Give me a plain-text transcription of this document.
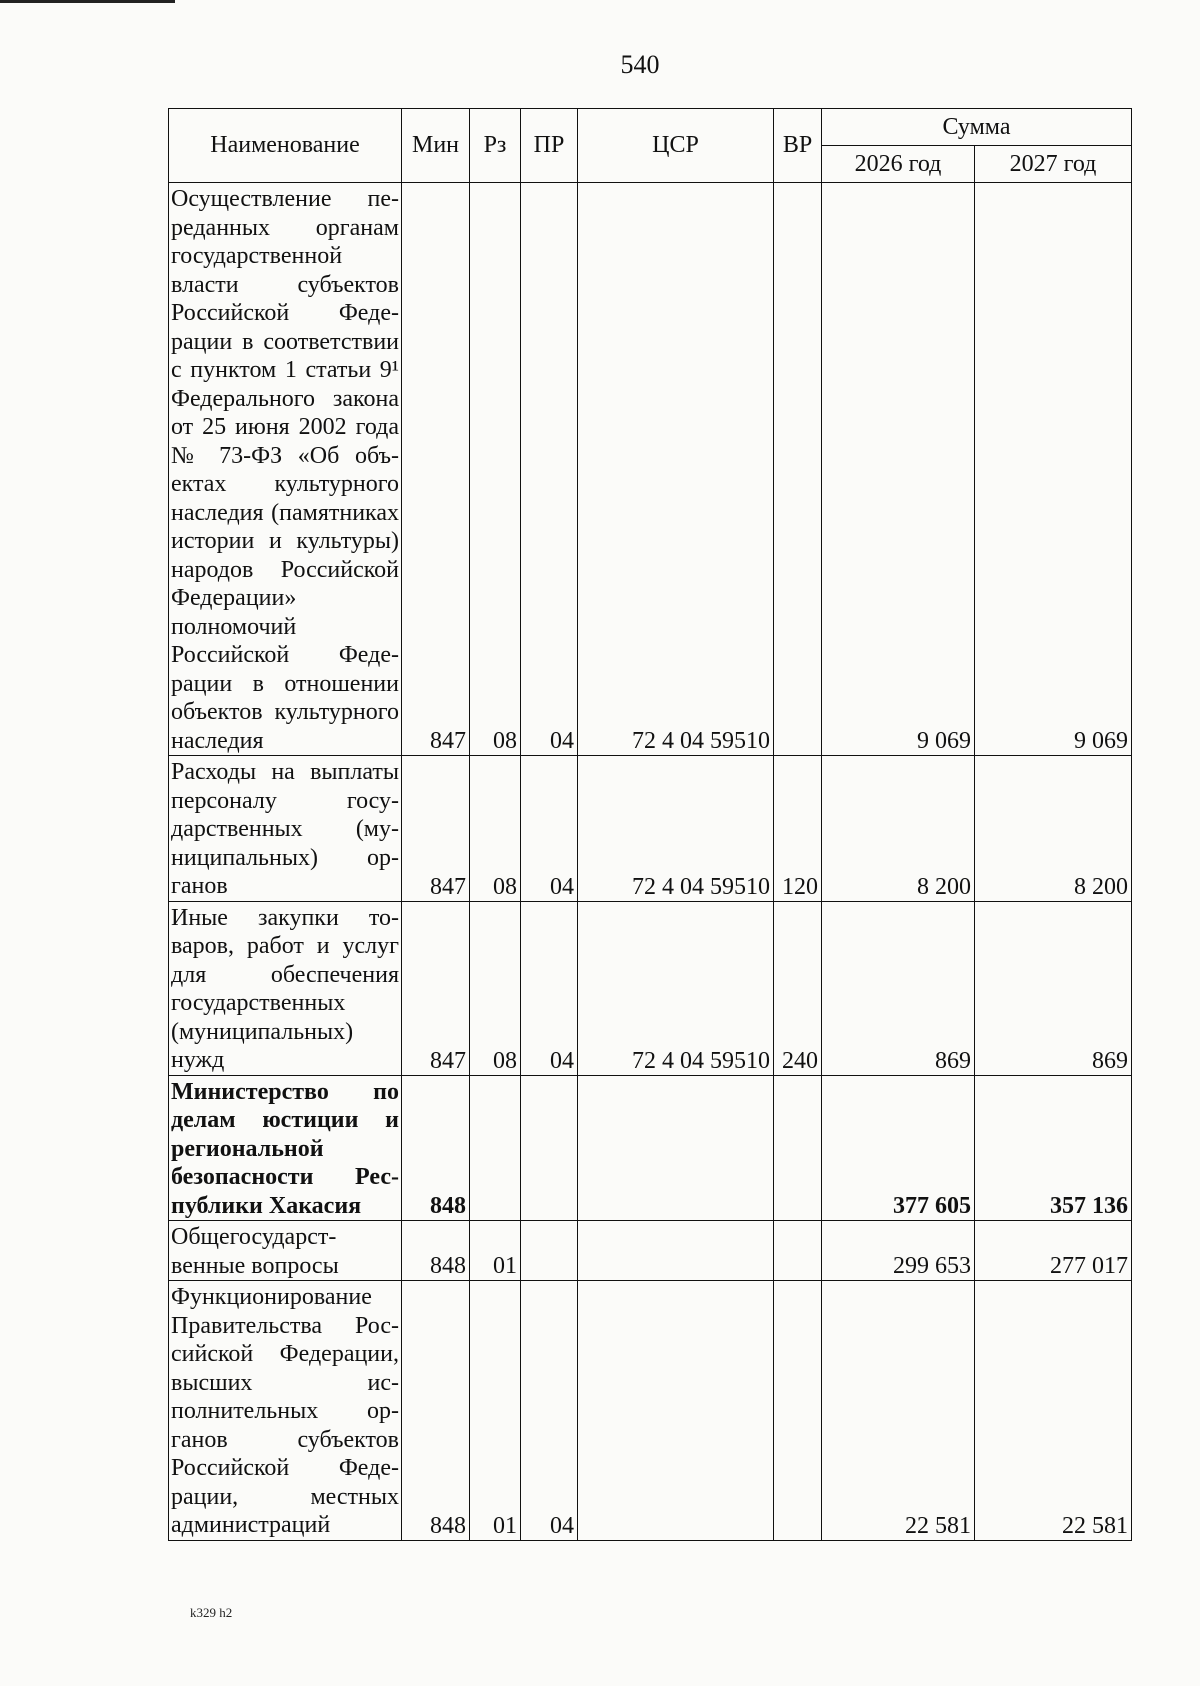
540
Наименование	Мин	Рз	ПР	ЦСР	ВР	Сумма	
						2026 год	2027 год
Осуществление переданных органам государственной власти субъектов Российской Федерации в соответствии с пунктом 1 статьи 9¹ Федерального закона от 25 июня 2002 года № 73-ФЗ «Об объектах культурного наследия (памятниках истории и культуры) народов Российской Федерации» полномочий Российской Федерации в отношении объектов культурного наследия	847	08	04	72 4 04 59510		9 069	9 069
Расходы на выплаты персоналу государственных (муниципальных) органов	847	08	04	72 4 04 59510	120	8 200	8 200
Иные закупки товаров, работ и услуг для обеспечения государственных (муниципальных) нужд	847	08	04	72 4 04 59510	240	869	869
Министерство по делам юстиции и региональной безопасности Республики Хакасия	848					377 605	357 136
Общегосударственные вопросы	848	01				299 653	277 017
Функционирование Правительства Российской Федерации, высших исполнительных органов субъектов Российской Федерации, местных администраций	848	01	04			22 581	22 581
k329 h2
